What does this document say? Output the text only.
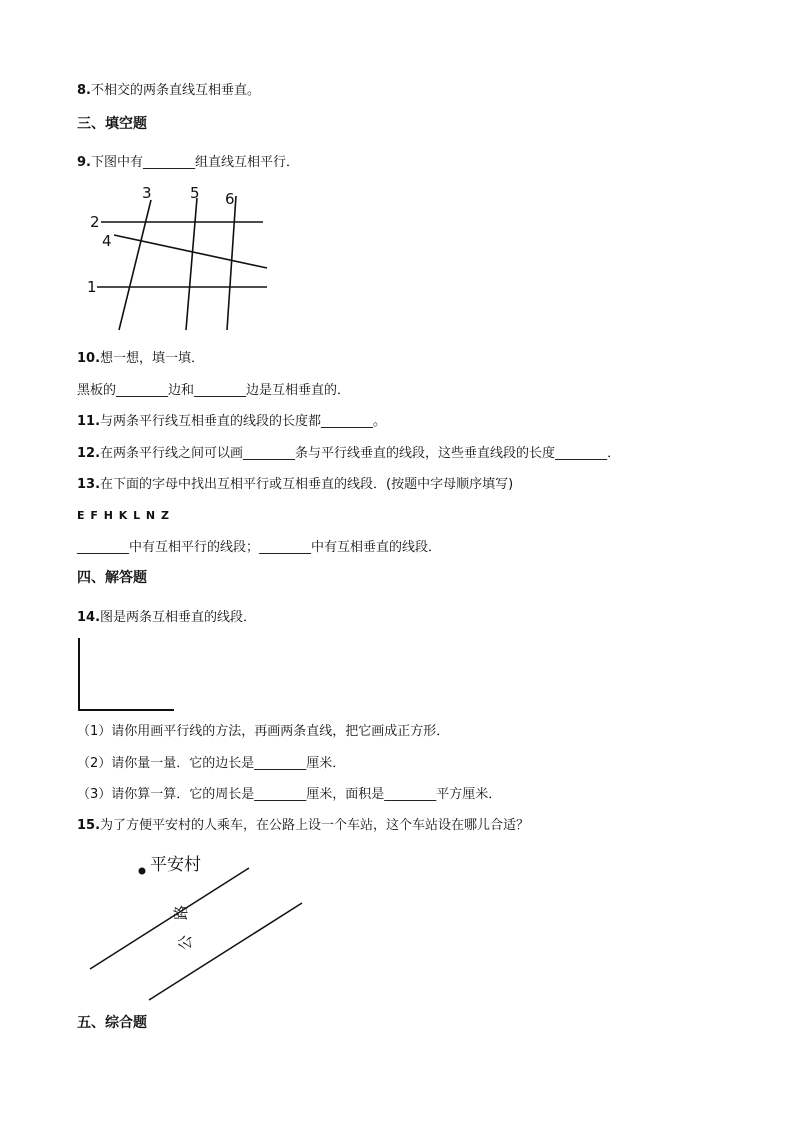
8.不相交的两条直线互相垂直。
三、填空题
9.下图中有________组直线互相平行．
3	5 6
2
4
1
平安村
路
公
10.想一想，填一填．
黑板的________边和________边是互相垂直的．
11.与两条平行线互相垂直的线段的长度都________。
12.在两条平行线之间可以画________条与平行线垂直的线段，这些垂直线段的长度________．
13.在下面的字母中找出互相平行或互相垂直的线段．(按题中字母顺序填写)
E F H K L N Z
________中有互相平行的线段；________中有互相垂直的线段．
四、解答题
14.图是两条互相垂直的线段．
（1）请你用画平行线的方法，再画两条直线，把它画成正方形．
（2）请你量一量．它的边长是________厘米．
（3）请你算一算．它的周长是________厘米，面积是________平方厘米．
15.为了方便平安村的人乘车，在公路上设一个车站，这个车站设在哪儿合适？
五、综合题
